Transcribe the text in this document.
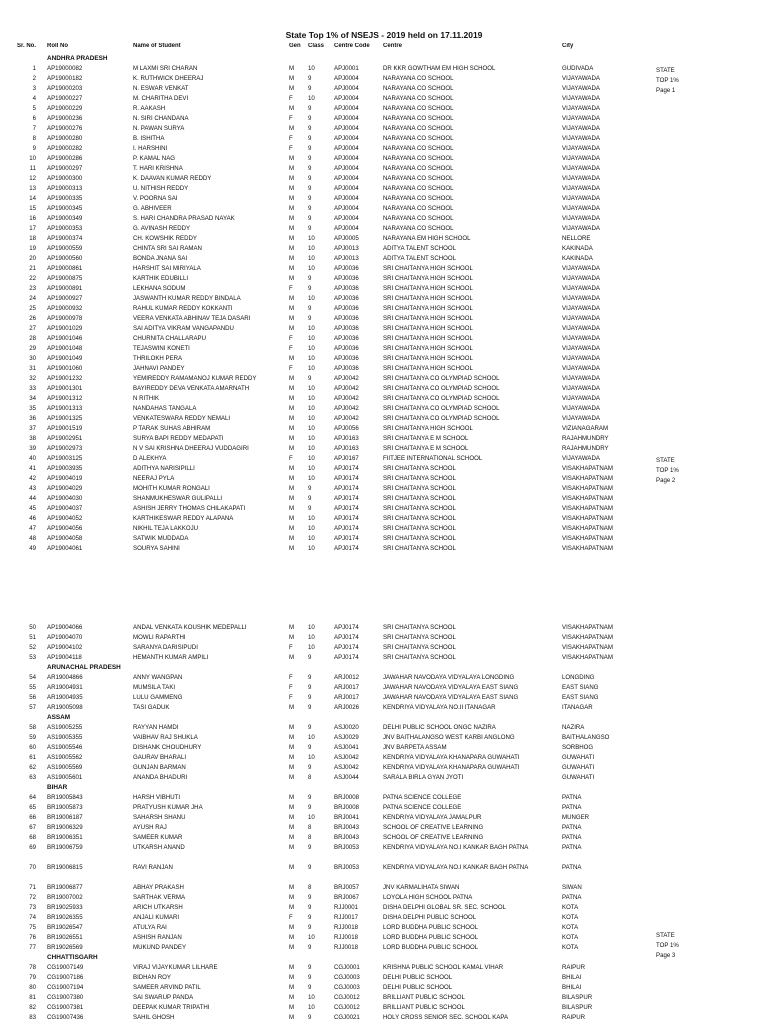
State Top 1% of NSEJS - 2019 held on 17.11.2019
Sr. No. Roll No	Name of Student	Gen	Class	Centre Code	Centre	City
STATE
TOP 1%
Page 1
STATE
TOP 1%
Page 2
STATE
TOP 1%
Page 3
ANDHRA PRADESH
1 AP19000082	M LAXMI SRI CHARAN	M	10	APJ0001	DR KKR GOWTHAM EM HIGH SCHOOL	GUDIVADA
2 AP19000182	K. RUTHWICK DHEERAJ	M	9	APJ0004	NARAYANA CO SCHOOL	VIJAYAWADA
3 AP19000203	N. ESWAR VENKAT	M	9	APJ0004	NARAYANA CO SCHOOL	VIJAYAWADA
4 AP19000227	M. CHARITHA DEVI	F	10	APJ0004	NARAYANA CO SCHOOL	VIJAYAWADA
5 AP19000229	R. AAKASH	M	9	APJ0004	NARAYANA CO SCHOOL	VIJAYAWADA
6 AP19000236	N. SIRI CHANDANA	F	9	APJ0004	NARAYANA CO SCHOOL	VIJAYAWADA
7 AP19000276	N. PAWAN SURYA	M	9	APJ0004	NARAYANA CO SCHOOL	VIJAYAWADA
8 AP19000280	B. ISHITHA	F	9	APJ0004	NARAYANA CO SCHOOL	VIJAYAWADA
9 AP19000282	I. HARSHINI	F	9	APJ0004	NARAYANA CO SCHOOL	VIJAYAWADA
10 AP19000286	P. KAMAL NAG	M	9	APJ0004	NARAYANA CO SCHOOL	VIJAYAWADA
11 AP19000297	T. HARI KRISHNA	M	9	APJ0004	NARAYANA CO SCHOOL	VIJAYAWADA
12 AP19000300	K. DAAVAN KUMAR REDDY	M	9	APJ0004	NARAYANA CO SCHOOL	VIJAYAWADA
13 AP19000313	U. NITHISH REDDY	M	9	APJ0004	NARAYANA CO SCHOOL	VIJAYAWADA
14 AP19000335	V. POORNA SAI	M	9	APJ0004	NARAYANA CO SCHOOL	VIJAYAWADA
15 AP19000345	G. ABHIVEER	M	9	APJ0004	NARAYANA CO SCHOOL	VIJAYAWADA
16 AP19000349	S. HARI CHANDRA PRASAD NAYAK	M	9	APJ0004	NARAYANA CO SCHOOL	VIJAYAWADA
17 AP19000353	G. AVINASH REDDY	M	9	APJ0004	NARAYANA CO SCHOOL	VIJAYAWADA
18 AP19000374	CH. KOWSHIK REDDY	M	10	APJ0005	NARAYANA EM HIGH SCHOOL	NELLORE
19 AP19000559	CHINTA SRI SAI RAMAN	M	10	APJ0013	ADITYA TALENT SCHOOL	KAKINADA
20 AP19000560	BONDA JNANA SAI	M	10	APJ0013	ADITYA TALENT SCHOOL	KAKINADA
21 AP19000861	HARSHIT SAI MIRIYALA	M	10	APJ0036	SRI CHAITANYA HIGH SCHOOL	VIJAYAWADA
22 AP19000875	KARTHIK EDUBILLI	M	9	APJ0036	SRI CHAITANYA HIGH SCHOOL	VIJAYAWADA
23 AP19000891	LEKHANA SODUM	F	9	APJ0036	SRI CHAITANYA HIGH SCHOOL	VIJAYAWADA
24 AP19000927	JASWANTH KUMAR REDDY BINDALA	M	10	APJ0036	SRI CHAITANYA HIGH SCHOOL	VIJAYAWADA
25 AP19000932	RAHUL KUMAR REDDY KOKKANTI	M	9	APJ0036	SRI CHAITANYA HIGH SCHOOL	VIJAYAWADA
26 AP19000978	VEERA VENKATA ABHINAV TEJA DASARI	M	9	APJ0036	SRI CHAITANYA HIGH SCHOOL	VIJAYAWADA
27 AP19001029	SAI ADITYA VIKRAM VANGAPANDU	M	10	APJ0036	SRI CHAITANYA HIGH SCHOOL	VIJAYAWADA
28 AP19001046	CHURNITA CHALLARAPU	F	10	APJ0036	SRI CHAITANYA HIGH SCHOOL	VIJAYAWADA
29 AP19001048	TEJASWINI KONETI	F	10	APJ0036	SRI CHAITANYA HIGH SCHOOL	VIJAYAWADA
30 AP19001049	THRILOKH PERA	M	10	APJ0036	SRI CHAITANYA HIGH SCHOOL	VIJAYAWADA
31 AP19001060	JAHNAVI PANDEY	F	10	APJ0036	SRI CHAITANYA HIGH SCHOOL	VIJAYAWADA
32 AP19001232	YEMIREDDY RAMAMANOJ KUMAR REDDY	M	9	APJ0042	SRI CHAITANYA CO OLYMPIAD SCHOOL	VIJAYAWADA
33 AP19001301	BAYIREDDY DEVA VENKATA AMARNATH	M	10	APJ0042	SRI CHAITANYA CO OLYMPIAD SCHOOL	VIJAYAWADA
34 AP19001312	N RITHIK	M	10	APJ0042	SRI CHAITANYA CO OLYMPIAD SCHOOL	VIJAYAWADA
35 AP19001313	NANDAHAS TANGALA	M	10	APJ0042	SRI CHAITANYA CO OLYMPIAD SCHOOL	VIJAYAWADA
36 AP19001325	VENKATESWARA REDDY NEMALI	M	10	APJ0042	SRI CHAITANYA CO OLYMPIAD SCHOOL	VIJAYAWADA
37 AP19001519	P TARAK SUHAS ABHIRAM	M	10	APJ0056	SRI CHAITANYA HIGH SCHOOL	VIZIANAGARAM
38 AP19002951	SURYA BAPI REDDY MEDAPATI	M	10	APJ0163	SRI CHAITANYA E M SCHOOL	RAJAHMUNDRY
39 AP19002973	N V SAI KRISHNA DHEERAJ VUDDAGIRI	M	10	APJ0163	SRI CHAITANYA E M SCHOOL	RAJAHMUNDRY
40 AP19003125	D ALEKHYA	F	10	APJ0167	FIITJEE INTERNATIONAL SCHOOL	VIJAYAWADA
41 AP19003935	ADITHYA NARISIPILLI	M	10	APJ0174	SRI CHAITANYA SCHOOL	VISAKHAPATNAM
42 AP19004019	NEERAJ PYLA	M	10	APJ0174	SRI CHAITANYA SCHOOL	VISAKHAPATNAM
43 AP19004029	MOHITH KUMAR RONGALI	M	9	APJ0174	SRI CHAITANYA SCHOOL	VISAKHAPATNAM
44 AP19004030	SHANMUKHESWAR GULIPALLI	M	9	APJ0174	SRI CHAITANYA SCHOOL	VISAKHAPATNAM
45 AP19004037	ASHISH JERRY THOMAS CHILAKAPATI	M	9	APJ0174	SRI CHAITANYA SCHOOL	VISAKHAPATNAM
46 AP19004052	KARTHIKESWAR REDDY ALAPANA	M	10	APJ0174	SRI CHAITANYA SCHOOL	VISAKHAPATNAM
47 AP19004056	NIKHIL TEJA LAKKOJU	M	10	APJ0174	SRI CHAITANYA SCHOOL	VISAKHAPATNAM
48 AP19004058	SATWIK MUDDADA	M	10	APJ0174	SRI CHAITANYA SCHOOL	VISAKHAPATNAM
49 AP19004061	SOURYA SAHINI	M	10	APJ0174	SRI CHAITANYA SCHOOL	VISAKHAPATNAM
50 AP19004066	ANDAL VENKATA KOUSHIK MEDEPALLI	M	10	APJ0174	SRI CHAITANYA SCHOOL	VISAKHAPATNAM
51 AP19004070	MOWLI RAPARTHI	M	10	APJ0174	SRI CHAITANYA SCHOOL	VISAKHAPATNAM
52 AP19004102	SARANYA DARISIPUDI	F	10	APJ0174	SRI CHAITANYA SCHOOL	VISAKHAPATNAM
53 AP19004118	HEMANTH KUMAR AMPILI	M	9	APJ0174	SRI CHAITANYA SCHOOL	VISAKHAPATNAM
ARUNACHAL PRADESH
54 AR19004866	ANNY WANGPAN	F	9	ARJ0012	JAWAHAR NAVODAYA VIDYALAYA LONGDING	LONGDING
55 AR19004931	MUMSILA TAKI	F	9	ARJ0017	JAWAHAR NAVODAYA VIDYALAYA EAST SIANG	EAST SIANG
56 AR19004935	LULU GAMMENG	F	9	ARJ0017	JAWAHAR NAVODAYA VIDYALAYA EAST SIANG	EAST SIANG
57 AR19005098	TASI GADUK	M	9	ARJ0026	KENDRIYA VIDYALAYA NO.II ITANAGAR	ITANAGAR
ASSAM
58 AS19005255	RAYYAN HAMDI	M	9	ASJ0020	DELHI PUBLIC SCHOOL ONGC NAZIRA	NAZIRA
59 AS19005355	VAIBHAV RAJ SHUKLA	M	10	ASJ0029	JNV BAITHALANGSO WEST KARBI ANGLONG	BAITHALANGSO
60 AS19005546	DISHANK CHOUDHURY	M	9	ASJ0041	JNV BARPETA ASSAM	SORBHOG
61 AS19005562	GAURAV BHARALI	M	10	ASJ0042	KENDRIYA VIDYALAYA KHANAPARA GUWAHATI	GUWAHATI
62 AS19005569	GUNJAN BARMAN	M	9	ASJ0042	KENDRIYA VIDYALAYA KHANAPARA GUWAHATI	GUWAHATI
63 AS19005601	ANANDA BHADURI	M	8	ASJ0044	SARALA BIRLA GYAN JYOTI	GUWAHATI
BIHAR
64 BR19005843	HARSH VIBHUTI	M	9	BRJ0008	PATNA SCIENCE COLLEGE	PATNA
65 BR19005873	PRATYUSH KUMAR JHA	M	9	BRJ0008	PATNA SCIENCE COLLEGE	PATNA
66 BR19006187	SAHARSH SHANU	M	10	BRJ0041	KENDRIYA VIDYALAYA JAMALPUR	MUNGER
67 BR19006329	AYUSH RAJ	M	8	BRJ0043	SCHOOL OF CREATIVE LEARNING	PATNA
68 BR19006351	SAMEER KUMAR	M	8	BRJ0043	SCHOOL OF CREATIVE LEARNING	PATNA
69 BR19006759	UTKARSH ANAND	M	9	BRJ0053	KENDRIYA VIDYALAYA NO.I KANKAR BAGH PATNA	PATNA
70 BR19006815	RAVI RANJAN	M	9	BRJ0053	KENDRIYA VIDYALAYA NO.I KANKAR BAGH PATNA	PATNA
71 BR19006877	ABHAY PRAKASH	M	8	BRJ0057	JNV KARMALIHATA SIWAN	SIWAN
72 BR19007002	SARTHAK VERMA	M	9	BRJ0067	LOYOLA HIGH SCHOOL PATNA	PATNA
73 BR19025933	ARICH UTKARSH	M	9	RJJ0001	DISHA DELPHI GLOBAL SR. SEC. SCHOOL	KOTA
74 BR19026355	ANJALI KUMARI	F	9	RJJ0017	DISHA DELPHI PUBLIC SCHOOL	KOTA
75 BR19026547	ATULYA RAI	M	9	RJJ0018	LORD BUDDHA PUBLIC SCHOOL	KOTA
76 BR19026551	ASHISH RANJAN	M	10	RJJ0018	LORD BUDDHA PUBLIC SCHOOL	KOTA
77 BR19026569	MUKUND PANDEY	M	9	RJJ0018	LORD BUDDHA PUBLIC SCHOOL	KOTA
CHHATTISGARH
78 CG19007149	VIRAJ VIJAYKUMAR LILHARE	M	9	CGJ0001	KRISHNA PUBLIC SCHOOL KAMAL VIHAR	RAIPUR
79 CG19007186	BIDHAN ROY	M	9	CGJ0003	DELHI PUBLIC SCHOOL	BHILAI
80 CG19007194	SAMEER ARVIND PATIL	M	9	CGJ0003	DELHI PUBLIC SCHOOL	BHILAI
81 CG19007380	SAI SWARUP PANDA	M	10	CGJ0012	BRILLIANT PUBLIC SCHOOL	BILASPUR
82 CG19007381	DEEPAK KUMAR TRIPATHI	M	10	CGJ0012	BRILLIANT PUBLIC SCHOOL	BILASPUR
83 CG19007436	SAHIL GHOSH	M	9	CGJ0021	HOLY CROSS SENIOR SEC. SCHOOL KAPA	RAIPUR
